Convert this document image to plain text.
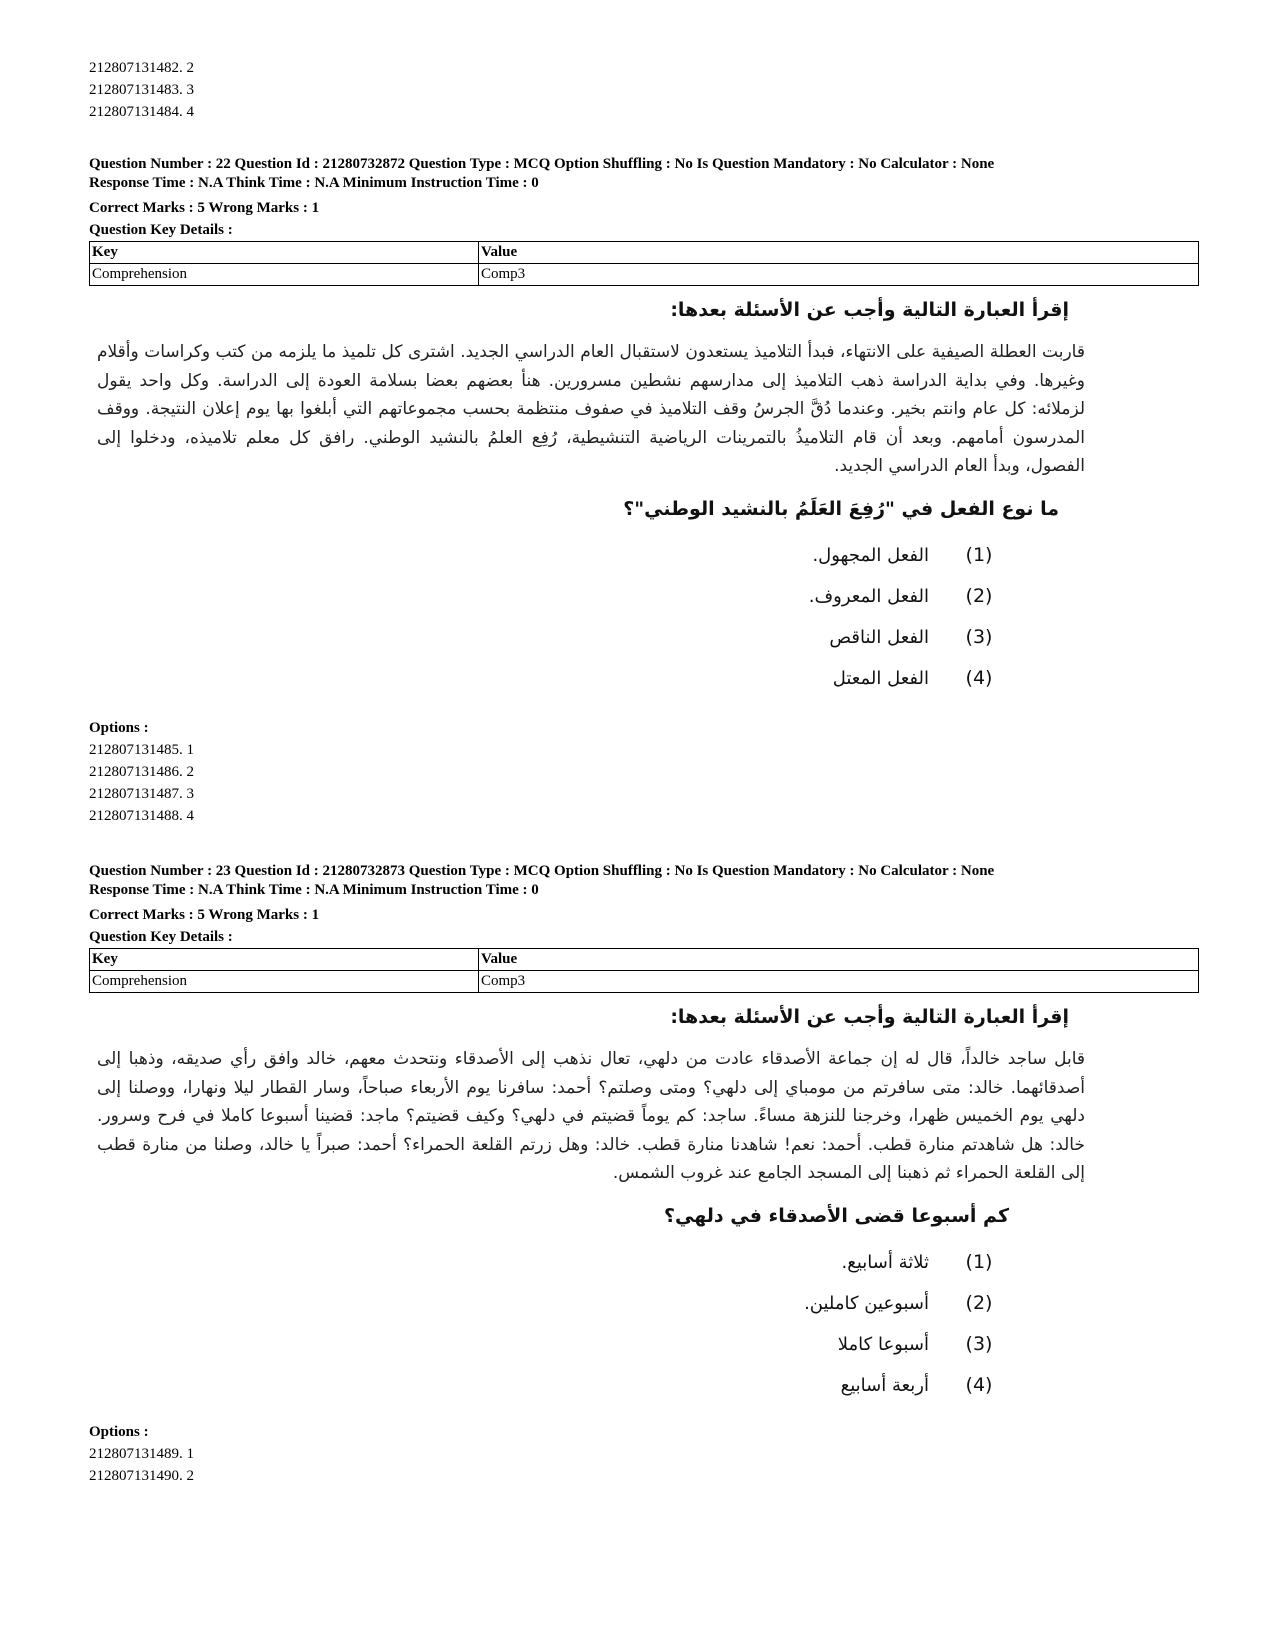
212807131482. 2
212807131483. 3
212807131484. 4
Question Number : 22 Question Id : 21280732872 Question Type : MCQ Option Shuffling : No Is Question Mandatory : No Calculator : None
Response Time : N.A Think Time : N.A Minimum Instruction Time : 0
Correct Marks : 5 Wrong Marks : 1
Question Key Details :
Key	Value
Comprehension	Comp3
إقرأ العبارة التالية وأجب عن الأسئلة بعدها:
قاربت العطلة الصيفية على الانتهاء، فبدأ التلاميذ يستعدون لاستقبال العام الدراسي الجديد. اشترى كل تلميذ ما يلزمه من كتب وكراسات وأقلام وغيرها. وفي بداية الدراسة ذهب التلاميذ إلى مدارسهم نشطين مسرورين. هنأ بعضهم بعضا بسلامة العودة إلى الدراسة. وكل واحد يقول لزملائه: كل عام وانتم بخير. وعندما دُقَّ الجرسُ وقف التلاميذ في صفوف منتظمة بحسب مجموعاتهم التي أبلغوا بها يوم إعلان النتيجة. ووقف المدرسون أمامهم. وبعد أن قام التلاميذُ بالتمرينات الرياضية التنشيطية، رُفِع العلمُ بالنشيد الوطني. رافق كل معلم تلاميذه، ودخلوا إلى الفصول، وبدأ العام الدراسي الجديد.
ما نوع الفعل في "رُفِعَ العَلَمُ بالنشيد الوطني"؟
(1)
الفعل المجهول.
(2)
الفعل المعروف.
(3)
الفعل الناقص
(4)
الفعل المعتل
Options :
212807131485. 1
212807131486. 2
212807131487. 3
212807131488. 4
Question Number : 23 Question Id : 21280732873 Question Type : MCQ Option Shuffling : No Is Question Mandatory : No Calculator : None
Response Time : N.A Think Time : N.A Minimum Instruction Time : 0
Correct Marks : 5 Wrong Marks : 1
Question Key Details :
Key	Value
Comprehension	Comp3
إقرأ العبارة التالية وأجب عن الأسئلة بعدها:
قابل ساجد خالداً، قال له إن جماعة الأصدقاء عادت من دلهي، تعال نذهب إلى الأصدقاء ونتحدث معهم، خالد وافق رأي صديقه، وذهبا إلى أصدقائهما. خالد: متى سافرتم من مومباي إلى دلهي؟ ومتى وصلتم؟ أحمد: سافرنا يوم الأربعاء صباحاً، وسار القطار ليلا ونهارا، ووصلنا إلى دلهي يوم الخميس ظهرا، وخرجنا للنزهة مساءً. ساجد: كم يوماً قضيتم في دلهي؟ وكيف قضيتم؟ ماجد: قضينا أسبوعا كاملا في فرح وسرور. خالد: هل شاهدتم منارة قطب. أحمد: نعم! شاهدنا منارة قطب. خالد: وهل زرتم القلعة الحمراء؟ أحمد: صبراً يا خالد، وصلنا من منارة قطب إلى القلعة الحمراء ثم ذهبنا إلى المسجد الجامع عند غروب الشمس.
كم أسبوعا قضى الأصدقاء في دلهي؟
(1)
ثلاثة أسابيع.
(2)
أسبوعين كاملين.
(3)
أسبوعا كاملا
(4)
أربعة أسابيع
Options :
212807131489. 1
212807131490. 2
